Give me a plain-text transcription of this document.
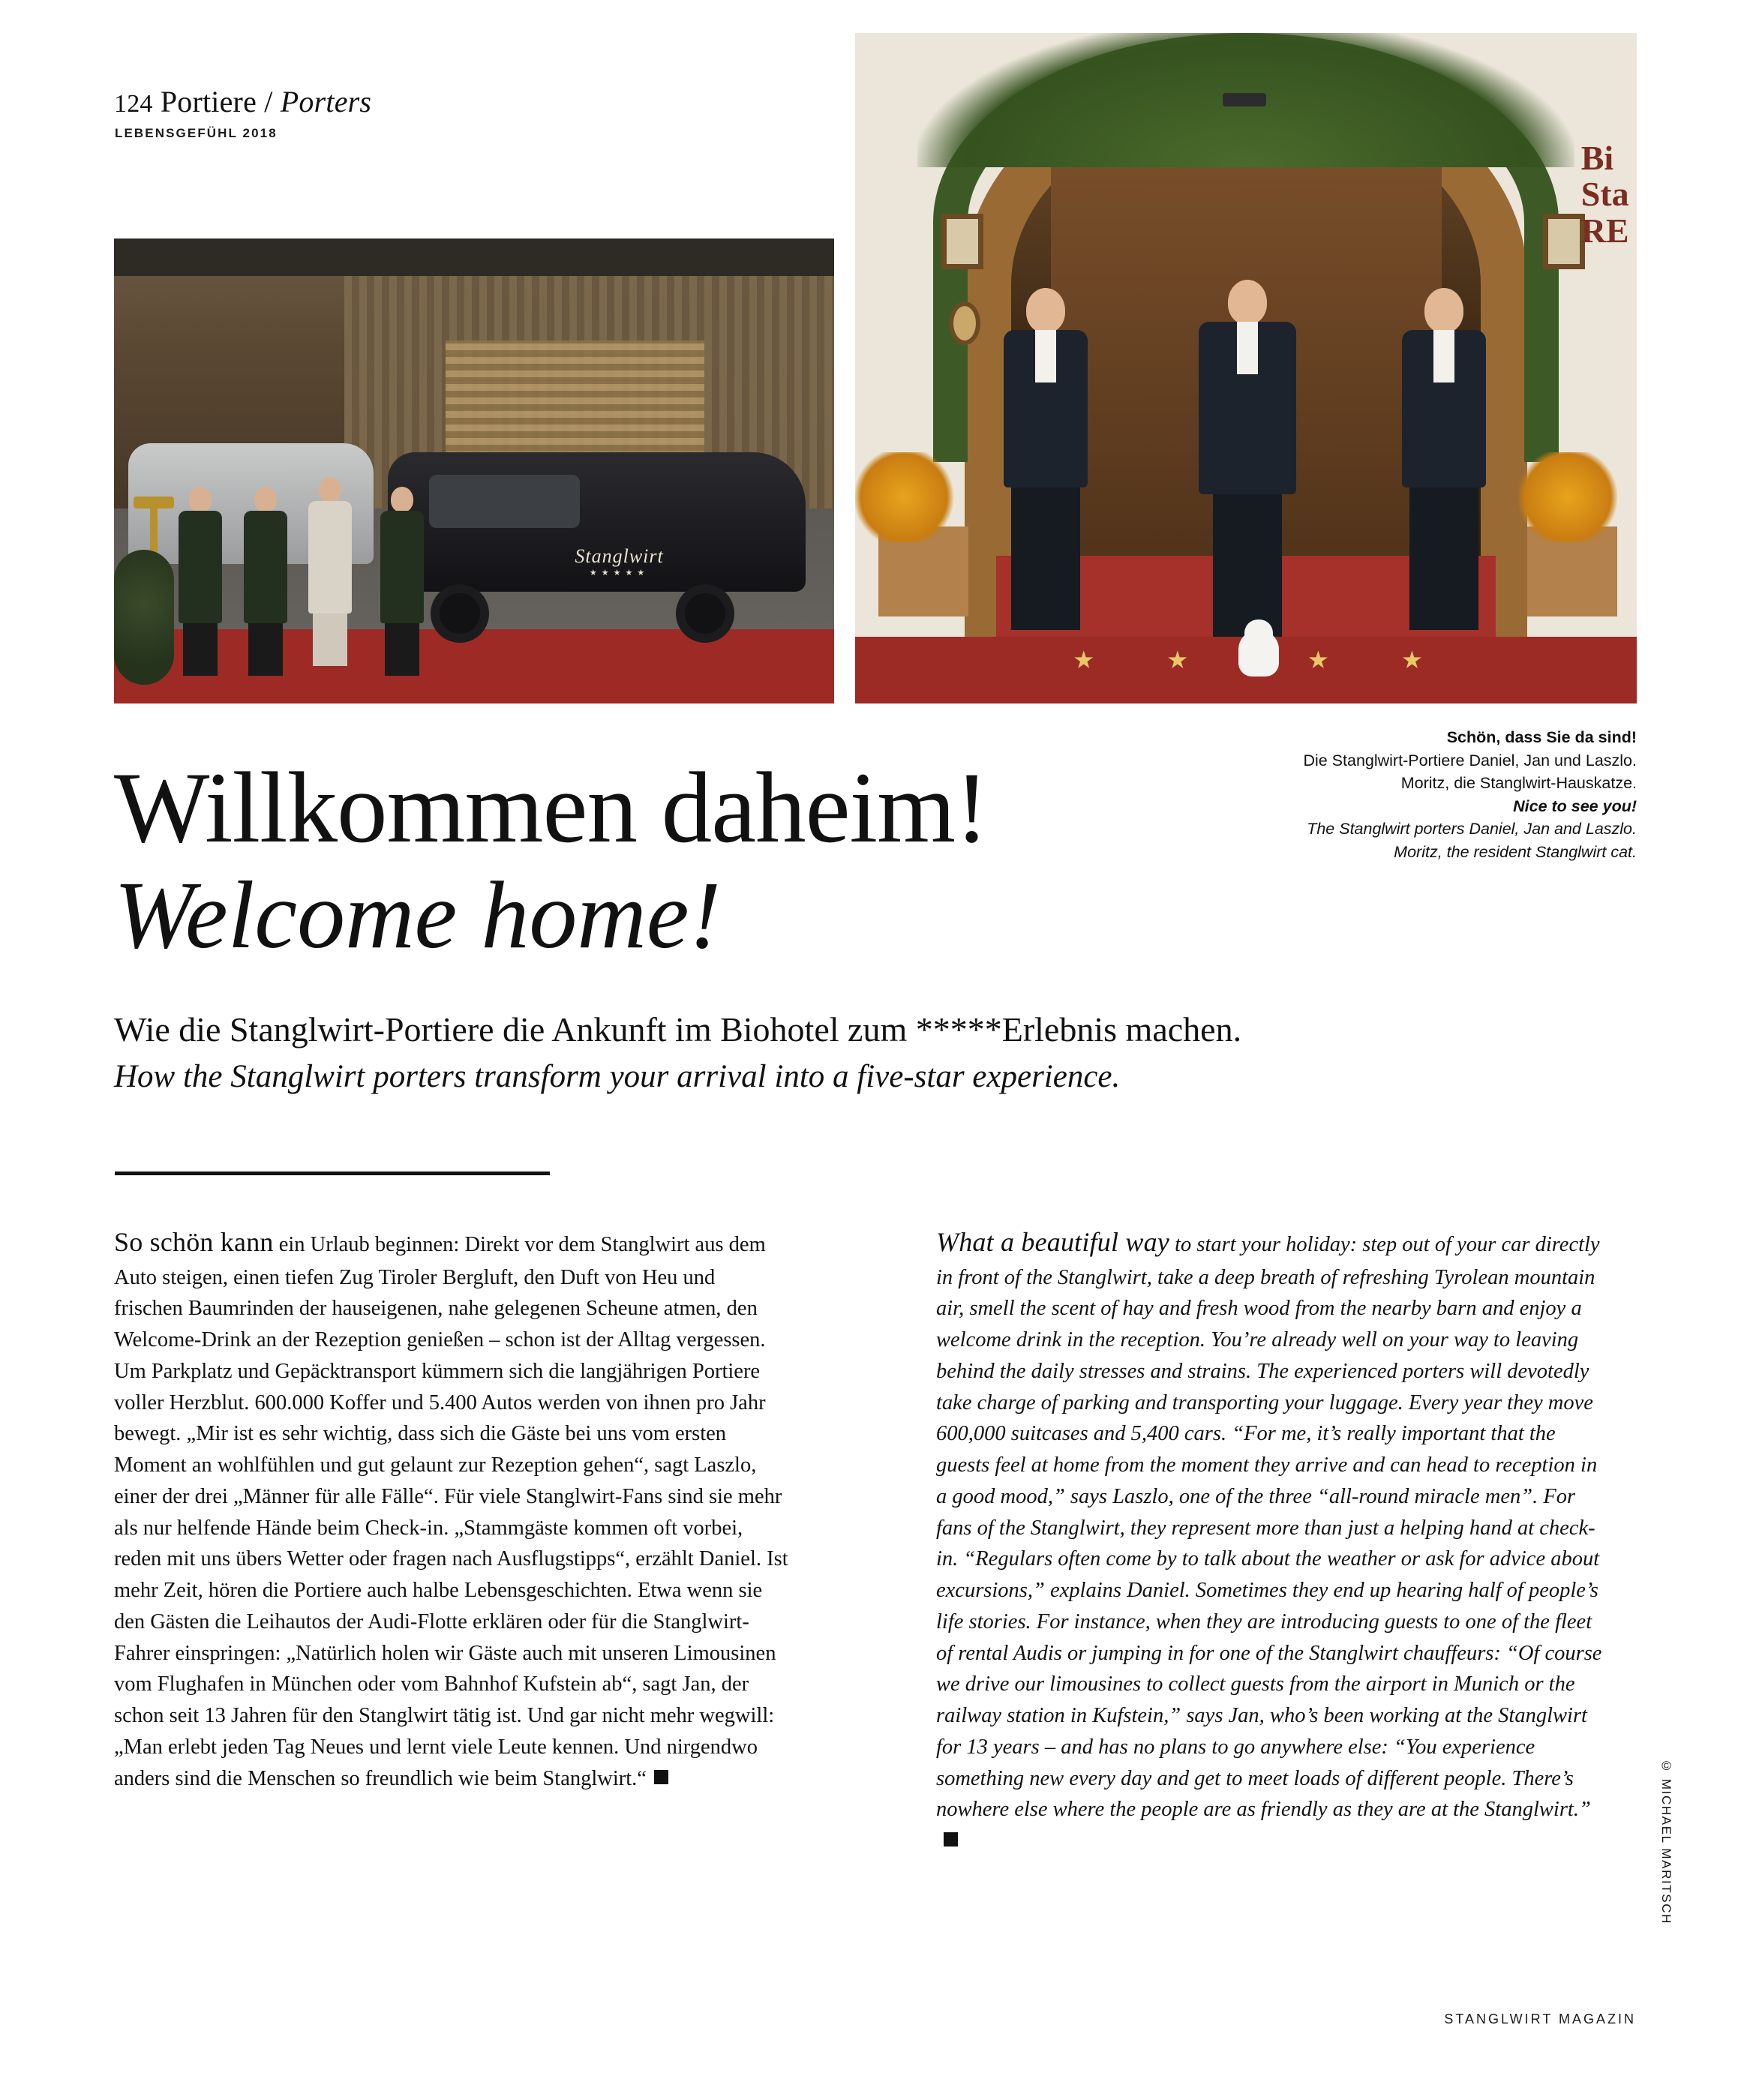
124 Portiere / Porters
LEBENSGEFÜHL 2018
Stanglwirt
★★★★★
Bi
Sta
RE

Schön, dass Sie da sind!

Die Stanglwirt-Portiere Daniel, Jan und Laszlo. Moritz, die Stanglwirt-Hauskatze.

Nice to see you!

The Stanglwirt porters Daniel, Jan and Laszlo. Moritz, the resident Stanglwirt cat.

Willkommen daheim!
Welcome home!

Wie die Stanglwirt-Portiere die Ankunft im Biohotel zum *****Erlebnis machen.

How the Stanglwirt porters transform your arrival into a five-star experience.

So schön kann ein Urlaub beginnen: Direkt vor dem Stanglwirt aus dem Auto steigen, einen tiefen Zug Tiroler Bergluft, den Duft von Heu und frischen Baumrinden der hauseigenen, nahe gelegenen Scheune atmen, den Welcome-Drink an der Rezeption genießen – schon ist der Alltag vergessen. Um Parkplatz und Gepäcktransport kümmern sich die langjährigen Portiere voller Herzblut. 600.000 Koffer und 5.400 Autos werden von ihnen pro Jahr bewegt. „Mir ist es sehr wichtig, dass sich die Gäste bei uns vom ersten Moment an wohlfühlen und gut gelaunt zur Rezeption gehen“, sagt Laszlo, einer der drei „Männer für alle Fälle“. Für viele Stanglwirt-Fans sind sie mehr als nur helfende Hände beim Check-in. „Stammgäste kommen oft vorbei, reden mit uns übers Wetter oder fragen nach Ausflugstipps“, erzählt Daniel. Ist mehr Zeit, hören die Portiere auch halbe Lebensgeschichten. Etwa wenn sie den Gästen die Leihautos der Audi-Flotte erklären oder für die Stanglwirt-Fahrer einspringen: „Natürlich holen wir Gäste auch mit unseren Limousinen vom Flughafen in München oder vom Bahnhof Kufstein ab“, sagt Jan, der schon seit 13 Jahren für den Stanglwirt tätig ist. Und gar nicht mehr wegwill: „Man erlebt jeden Tag Neues und lernt viele Leute kennen. Und nirgendwo anders sind die Menschen so freundlich wie beim Stanglwirt.“

What a beautiful way to start your holiday: step out of your car directly in front of the Stanglwirt, take a deep breath of refreshing Tyrolean mountain air, smell the scent of hay and fresh wood from the nearby barn and enjoy a welcome drink in the reception. You’re already well on your way to leaving behind the daily stresses and strains. The experienced porters will devotedly take charge of parking and transporting your luggage. Every year they move 600,000 suitcases and 5,400 cars. “For me, it’s really important that the guests feel at home from the moment they arrive and can head to reception in a good mood,” says Laszlo, one of the three “all-round miracle men”. For fans of the Stanglwirt, they represent more than just a helping hand at check-in. “Regulars often come by to talk about the weather or ask for advice about excursions,” explains Daniel. Sometimes they end up hearing half of people’s life stories. For instance, when they are introducing guests to one of the fleet of rental Audis or jumping in for one of the Stanglwirt chauffeurs: “Of course we drive our limousines to collect guests from the airport in Munich or the railway station in Kufstein,” says Jan, who’s been working at the Stanglwirt for 13 years – and has no plans to go anywhere else: “You experience something new every day and get to meet loads of different people. There’s nowhere else where the people are as friendly as they are at the Stanglwirt.”	© MICHAEL MARITSCH
STANGLWIRT MAGAZIN
